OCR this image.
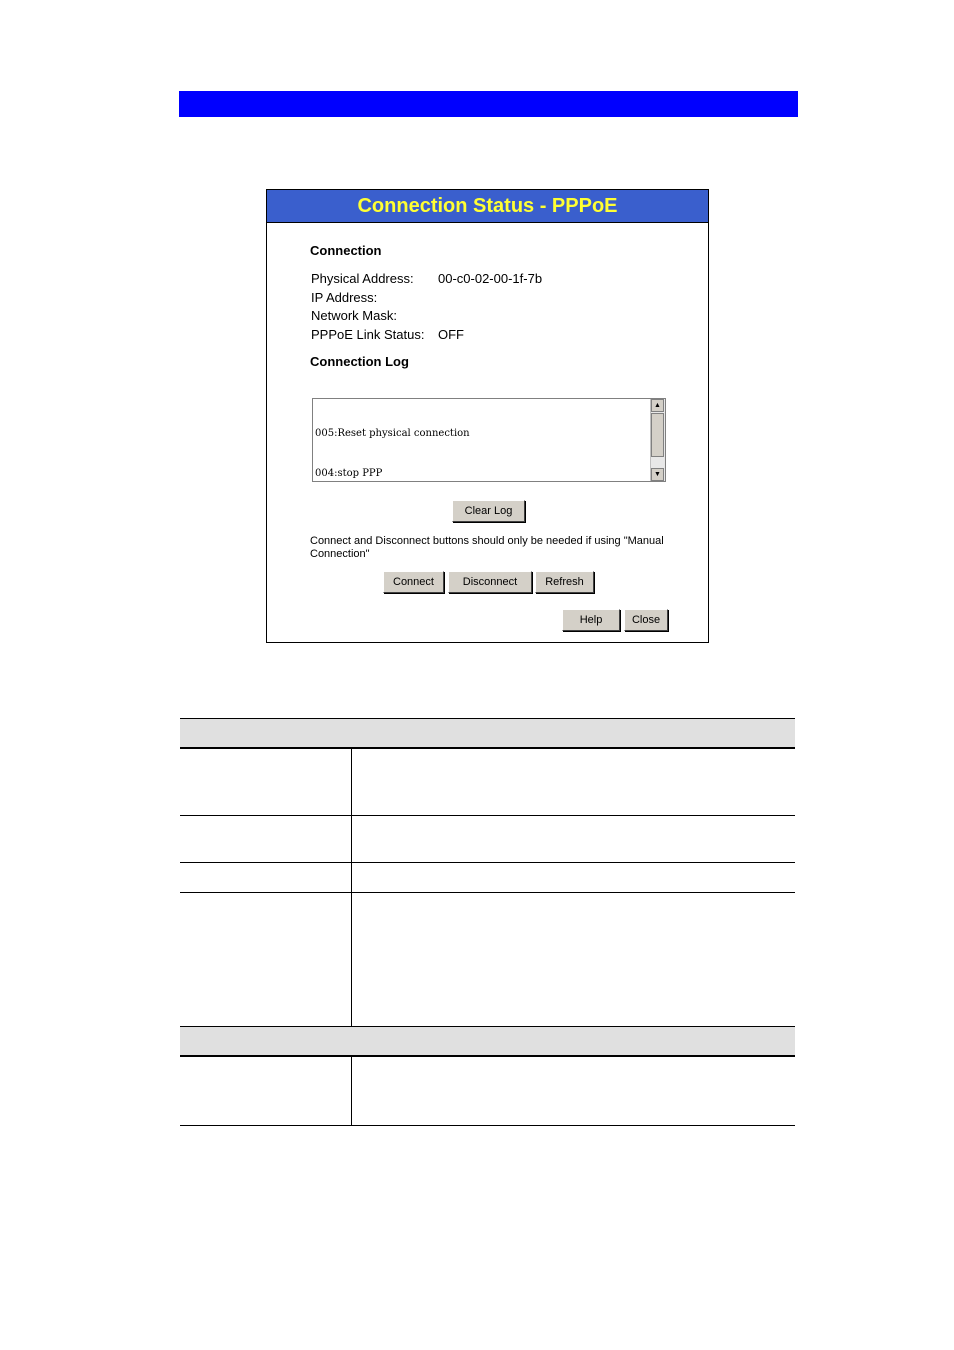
Connection Status - PPPoE
Connection
Physical Address: 00-c0-02-00-1f-7b
IP Address:
Network Mask:
PPPoE Link Status: OFF
Connection Log

005:Reset physical connection

004:stop PPP

▲
▼
Clear Log
Connect and Disconnect buttons should only be needed if using "Manual Connection"
Connect	Disconnect	Refresh
Help	Close
